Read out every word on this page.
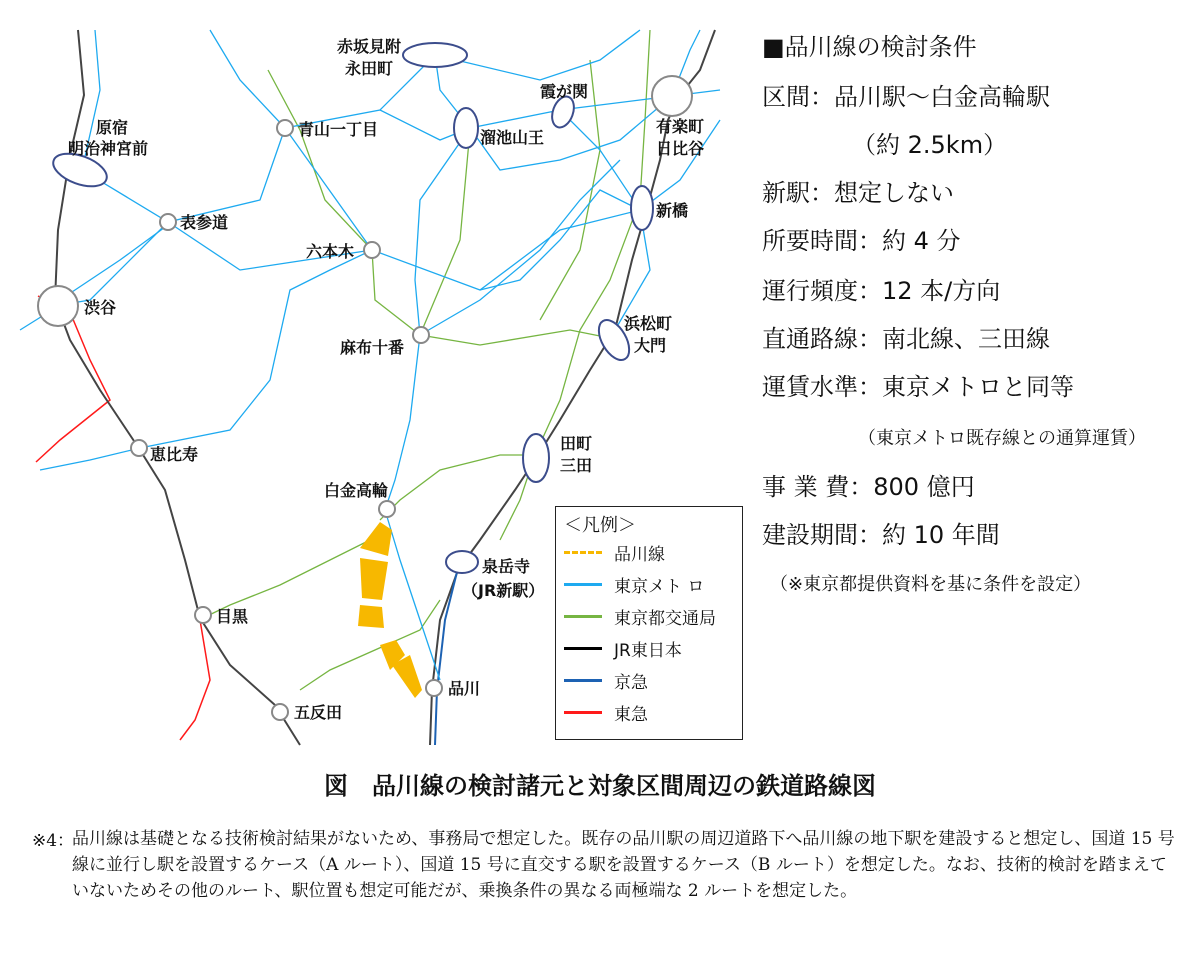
赤坂見附
永田町
原宿
明治神宮前
霞が関
有楽町
日比谷
青山一丁目	溜池山王
表参道
新橋
六本木
渋谷
浜松町
大門
麻布十番
恵比寿
田町
三田
白金高輪
泉岳寺
（JR新駅）
目黒
品川
五反田
＜凡例＞
品川線
東京メト ロ
東京都交通局
JR東日本
京急
東急
■品川線の検討条件
区間：品川駅～白金高輪駅
（約 2.5km）
新駅：想定しない
所要時間：約 4 分
運行頻度：12 本/方向
直通路線：南北線、三田線
運賃水準：東京メトロと同等
（東京メトロ既存線との通算運賃）
事 業 費：800 億円
建設期間：約 10 年間
（※東京都提供資料を基に条件を設定）
図　品川線の検討諸元と対象区間周辺の鉄道路線図
※4：
品川線は基礎となる技術検討結果がないため、事務局で想定した。既存の品川駅の周辺道路下へ品川線の地下駅を建設すると想定し、国道 15 号線に並行し駅を設置するケース（A ルート）、国道 15 号に直交する駅を設置するケース（B ルート）を想定した。なお、技術的検討を踏まえていないためその他のルート、駅位置も想定可能だが、乗換条件の異なる両極端な 2 ルートを想定した。
